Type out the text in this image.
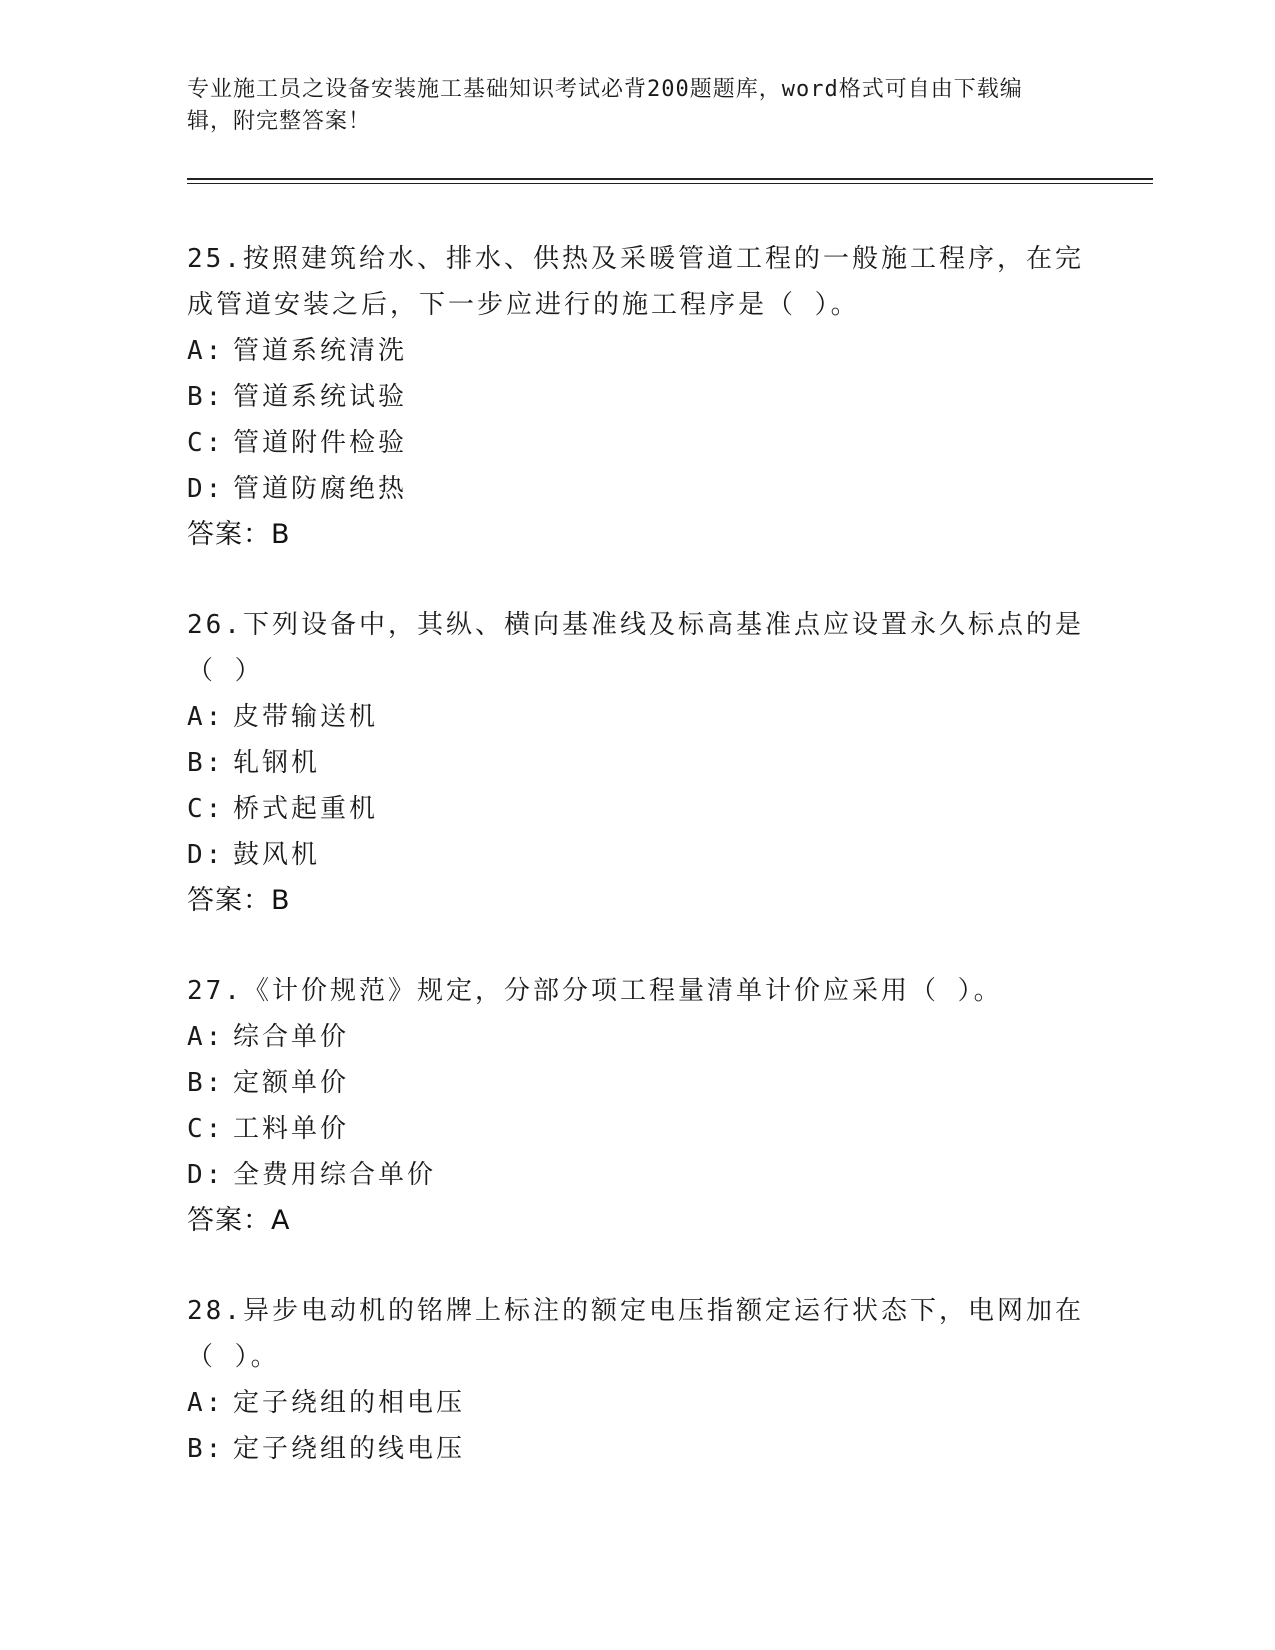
专业施工员之设备安装施工基础知识考试必背200题题库，word格式可自由下载编辑，附完整答案！

25.按照建筑给水、排水、供热及采暖管道工程的一般施工程序，在完成管道安装之后，下一步应进行的施工程序是（ ）。

A: 管道系统清洗

B: 管道系统试验

C: 管道附件检验

D: 管道防腐绝热

答案：B

26.下列设备中，其纵、横向基准线及标高基准点应设置永久标点的是（ ）

A: 皮带输送机

B: 轧钢机

C: 桥式起重机

D: 鼓风机

答案：B

27.《计价规范》规定，分部分项工程量清单计价应采用（ ）。

A: 综合单价

B: 定额单价

C: 工料单价

D: 全费用综合单价

答案：A

28.异步电动机的铭牌上标注的额定电压指额定运行状态下，电网加在（ ）。

A: 定子绕组的相电压

B: 定子绕组的线电压
